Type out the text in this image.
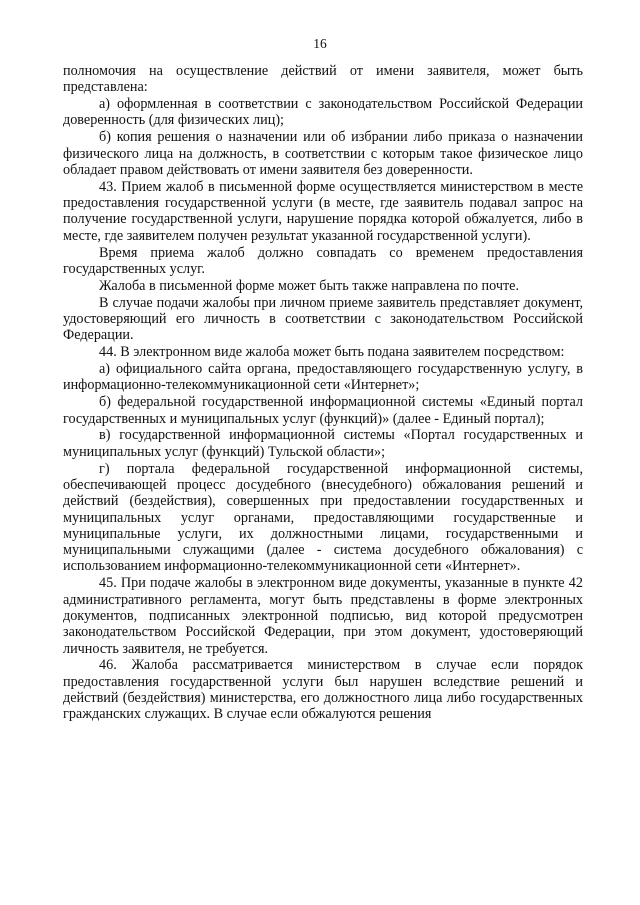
16

полномочия на осуществление действий от имени заявителя, может быть представлена:

а) оформленная в соответствии с законодательством Российской Федерации доверенность (для физических лиц);

б) копия решения о назначении или об избрании либо приказа о назначении физического лица на должность, в соответствии с которым такое физическое лицо обладает правом действовать от имени заявителя без доверенности.

43. Прием жалоб в письменной форме осуществляется министерством в месте предоставления государственной услуги (в месте, где заявитель подавал запрос на получение государственной услуги, нарушение порядка которой обжалуется, либо в месте, где заявителем получен результат указанной государственной услуги).

Время приема жалоб должно совпадать со временем предоставления государственных услуг.

Жалоба в письменной форме может быть также направлена по почте.

В случае подачи жалобы при личном приеме заявитель представляет документ, удостоверяющий его личность в соответствии с законодательством Российской Федерации.

44. В электронном виде жалоба может быть подана заявителем посредством:

а) официального сайта органа, предоставляющего государственную услугу, в информационно-телекоммуникационной сети «Интернет»;

б) федеральной государственной информационной системы «Единый портал государственных и муниципальных услуг (функций)» (далее - Единый портал);

в) государственной информационной системы «Портал государственных и муниципальных услуг (функций) Тульской области»;

г) портала федеральной государственной информационной системы, обеспечивающей процесс досудебного (внесудебного) обжалования решений и действий (бездействия), совершенных при предоставлении государственных и муниципальных услуг органами, предоставляющими государственные и муниципальные услуги, их должностными лицами, государственными и муниципальными служащими (далее - система досудебного обжалования) с использованием информационно-телекоммуникационной сети «Интернет».

45. При подаче жалобы в электронном виде документы, указанные в пункте 42 административного регламента, могут быть представлены в форме электронных документов, подписанных электронной подписью, вид которой предусмотрен законодательством Российской Федерации, при этом документ, удостоверяющий личность заявителя, не требуется.

46. Жалоба рассматривается министерством в случае если порядок предоставления государственной услуги был нарушен вследствие решений и действий (бездействия) министерства, его должностного лица либо государственных гражданских служащих. В случае если обжалуются решения
